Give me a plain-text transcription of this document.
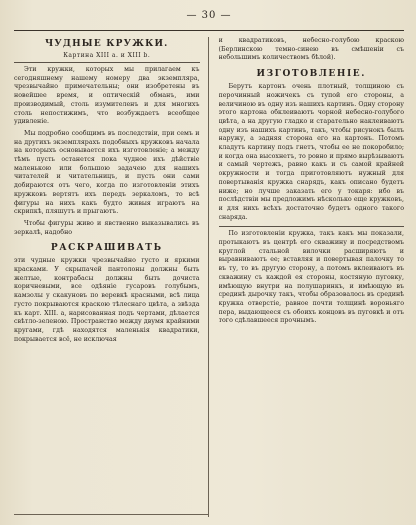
— 30 —
ЧУДНЫЕ КРУЖКИ.
Картина XIII а. и XIII b.

Эти кружки, которых мы прилагаем къ сегодняшнему нашему номеру два экземпляра, чрезвычайно примечательны; они изобретены въ новейшее время, и оптическій обманъ, ими производимый, столь изумителенъ и для многихъ столь непостижимъ, что возбуждаетъ всеобщее удивленіе.

Мы подробно сообщимъ въ последствіи, при семъ и на другихъ экземплярахъ подобныхъ кружковъ начала на которыхъ основывается ихъ изготовленіе; а между тѣмъ пусть останется пока чудное ихъ дѣйствіе маленькою или большою задачею для нашихъ читателей и читательницъ, и пусть они сами добираются отъ чего, когда по изготовленіи этихъ кружковъ вертятъ ихъ передъ зеркаломъ, то всѣ фигуры на нихъ какъ будто живыя играютъ на скрипкѣ, пляшутъ и прыгаютъ.

Чтобы фигуры живо и явственно выказывались въ зеркалѣ, надобно

РАСКРАШИВАТЬ

эти чудные кружки чрезвычайно густо и яркими красками. У скрыпачей пантолоны должны быть желтые, контрабасы должны быть дочиста коричневыми, все одѣяніе гусаровъ голубымъ, камзолы у скакуновъ по веревкѣ красными, всѣ лица густо покрываются краскою тѣлеснаго цвѣта, а звѣзда къ карт. XIII. а, нарисованная подъ чертами, дѣлается свѣтло-зеленою. Пространство между двумя крайними кругами, гдѣ находятся маленькія квадратики, покрывается всё, не исключая

и квадратиковъ, небесно-голубою краскою (Берлинскою темно-синею въ смѣшеніи съ небольшимъ количествомъ бѣлой).

ИЗГОТОВЛЕНІЕ.

Берутъ картонъ очень плотный, толщиною съ перочинный ножичекъ съ тупой его стороны, а величиною въ одну изъ нашихъ картинъ. Одну сторону этого картона обклеиваютъ чорной небесно-голубого цвѣта, а на другую гладко и старательно наклеиваютъ одну изъ нашихъ картинъ, такъ, чтобы рисунокъ былъ наружу, а задняя сторона его на картонъ. Потомъ кладутъ картину подъ гнетъ, чтобы ее не покоробило; и когда она высохнетъ, то ровно и прямо вырѣзываютъ и самый чертежъ, равно какъ и съ самой крайней окружности и тогда приготовляютъ нужный для повертыванія кружка снарядъ, какъ описано будетъ ниже; но лучше заказать его у токаря: ибо въ послѣдствіи мы предложимъ нѣсколько еще кружковъ, и для нихъ всѣхъ достаточно будетъ одного такого снаряда.

По изготовленіи кружка, такъ какъ мы показали, протыкаютъ въ центрѣ его скважину и посредствомъ круглой стальной вилочки расширяютъ и выравниваютъ ее; вставляя и повертывая палочку то въ ту, то въ другую сторону, а потомъ вклеиваютъ въ скважину съ каждой ея стороны, костяную пуговку, имѣющую внутри на полушаринкъ, и имѣющую въ срединѣ дырочку такъ, чтобы образовалось въ срединѣ кружка отверстіе, равное почти толщинѣ вороньяго пера, выдающееся съ обоихъ концовъ въ пуговкѣ и отъ того сдѣлавшееся прочнымъ.
